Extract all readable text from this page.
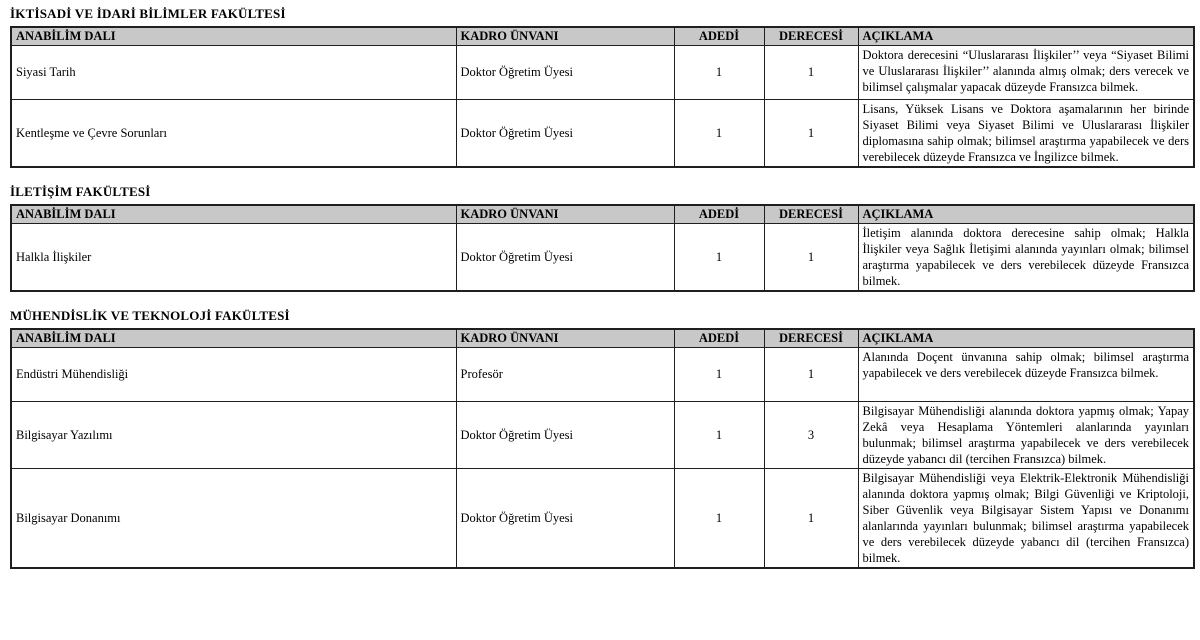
İKTİSADİ VE İDARİ BİLİMLER FAKÜLTESİ
ANABİLİM DALI	KADRO ÜNVANI	ADEDİ	DERECESİ	AÇIKLAMA
Siyasi Tarih	Doktor Öğretim Üyesi	1	1	Doktora derecesini “Uluslararası İlişkiler’’ veya “Siyaset Bilimi ve Uluslararası İlişkiler’’ alanında almış olmak; ders verecek ve bilimsel çalışmalar yapacak düzeyde Fransızca bilmek.
Kentleşme ve Çevre Sorunları	Doktor Öğretim Üyesi	1	1	Lisans, Yüksek Lisans ve Doktora aşamalarının her birinde Siyaset Bilimi veya Siyaset Bilimi ve Uluslararası İlişkiler diplomasına sahip olmak; bilimsel araştırma yapabilecek ve ders verebilecek düzeyde Fransızca ve İngilizce bilmek.
İLETİŞİM FAKÜLTESİ
ANABİLİM DALI	KADRO ÜNVANI	ADEDİ	DERECESİ	AÇIKLAMA
Halkla İlişkiler	Doktor Öğretim Üyesi	1	1	İletişim alanında doktora derecesine sahip olmak; Halkla İlişkiler veya Sağlık İletişimi alanında yayınları olmak; bilimsel araştırma yapabilecek ve ders verebilecek düzeyde Fransızca bilmek.
MÜHENDİSLİK VE TEKNOLOJİ FAKÜLTESİ
ANABİLİM DALI	KADRO ÜNVANI	ADEDİ	DERECESİ	AÇIKLAMA
Endüstri Mühendisliği	Profesör	1	1	Alanında Doçent ünvanına sahip olmak; bilimsel araştırma yapabilecek ve ders verebilecek düzeyde Fransızca bilmek.
Bilgisayar Yazılımı	Doktor Öğretim Üyesi	1	3	Bilgisayar Mühendisliği alanında doktora yapmış olmak; Yapay Zekâ veya Hesaplama Yöntemleri alanlarında yayınları bulunmak; bilimsel araştırma yapabilecek ve ders verebilecek düzeyde yabancı dil (tercihen Fransızca) bilmek.
Bilgisayar Donanımı	Doktor Öğretim Üyesi	1	1	Bilgisayar Mühendisliği veya Elektrik-Elektronik Mühendisliği alanında doktora yapmış olmak; Bilgi Güvenliği ve Kriptoloji, Siber Güvenlik veya Bilgisayar Sistem Yapısı ve Donanımı alanlarında yayınları bulunmak; bilimsel araştırma yapabilecek ve ders verebilecek düzeyde yabancı dil (tercihen Fransızca) bilmek.
